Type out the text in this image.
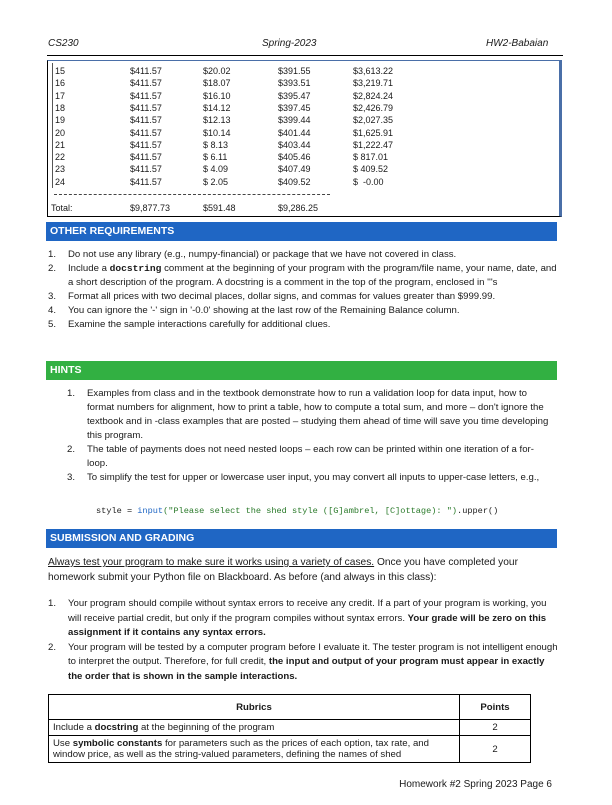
CS230	Spring-2023	HW2-Babaian
15	$411.57	$20.02	$391.55	$3,613.22
16	$411.57	$18.07	$393.51	$3,219.71
17	$411.57	$16.10	$395.47	$2,824.24
18	$411.57	$14.12	$397.45	$2,426.79
19	$411.57	$12.13	$399.44	$2,027.35
20	$411.57	$10.14	$401.44	$1,625.91
21	$411.57	$ 8.13	$403.44	$1,222.47
22	$411.57	$ 6.11	$405.46	$ 817.01
23	$411.57	$ 4.09	$407.49	$ 409.52
24	$411.57	$ 2.05	$409.52	$  -0.00
Total:	$9,877.73	$591.48	$9,286.25
OTHER REQUIREMENTS
1. Do not use any library (e.g., numpy-financial) or package that we have not covered in class.
2. Include a docstring comment at the beginning of your program with the program/file name, your name, date, and a short description of the program. A docstring is a comment in the top of the program, enclosed in '''s
3. Format all prices with two decimal places, dollar signs, and commas for values greater than $999.99.
4. You can ignore the '-' sign in '-0.0' showing at the last row of the Remaining Balance column.
5. Examine the sample interactions carefully for additional clues.
HINTS
1. Examples from class and in the textbook demonstrate how to run a validation loop for data input, how to format numbers for alignment, how to print a table, how to compute a total sum, and more – don't ignore the textbook and in -class examples that are posted – studying them ahead of time will save you time developing this program.
2. The table of payments does not need nested loops – each row can be printed within one iteration of a for-loop.
3. To simplify the test for upper or lowercase user input, you may convert all inputs to upper-case letters, e.g.,
style = input("Please select the shed style ([G]ambrel, [C]ottage): ").upper()
SUBMISSION AND GRADING
Always test your program to make sure it works using a variety of cases. Once you have completed your homework submit your Python file on Blackboard. As before (and always in this class):
1. Your program should compile without syntax errors to receive any credit. If a part of your program is working, you will receive partial credit, but only if the program compiles without syntax errors. Your grade will be zero on this assignment if it contains any syntax errors.
2. Your program will be tested by a computer program before I evaluate it. The tester program is not intelligent enough to interpret the output. Therefore, for full credit, the input and output of your program must appear in exactly the order that is shown in the sample interactions.
Rubrics	Points
Include a docstring at the beginning of the program	2
Use symbolic constants for parameters such as the prices of each option, tax rate, and window price, as well as the string-valued parameters, defining the names of shed	2
Homework #2 Spring 2023 Page 6
